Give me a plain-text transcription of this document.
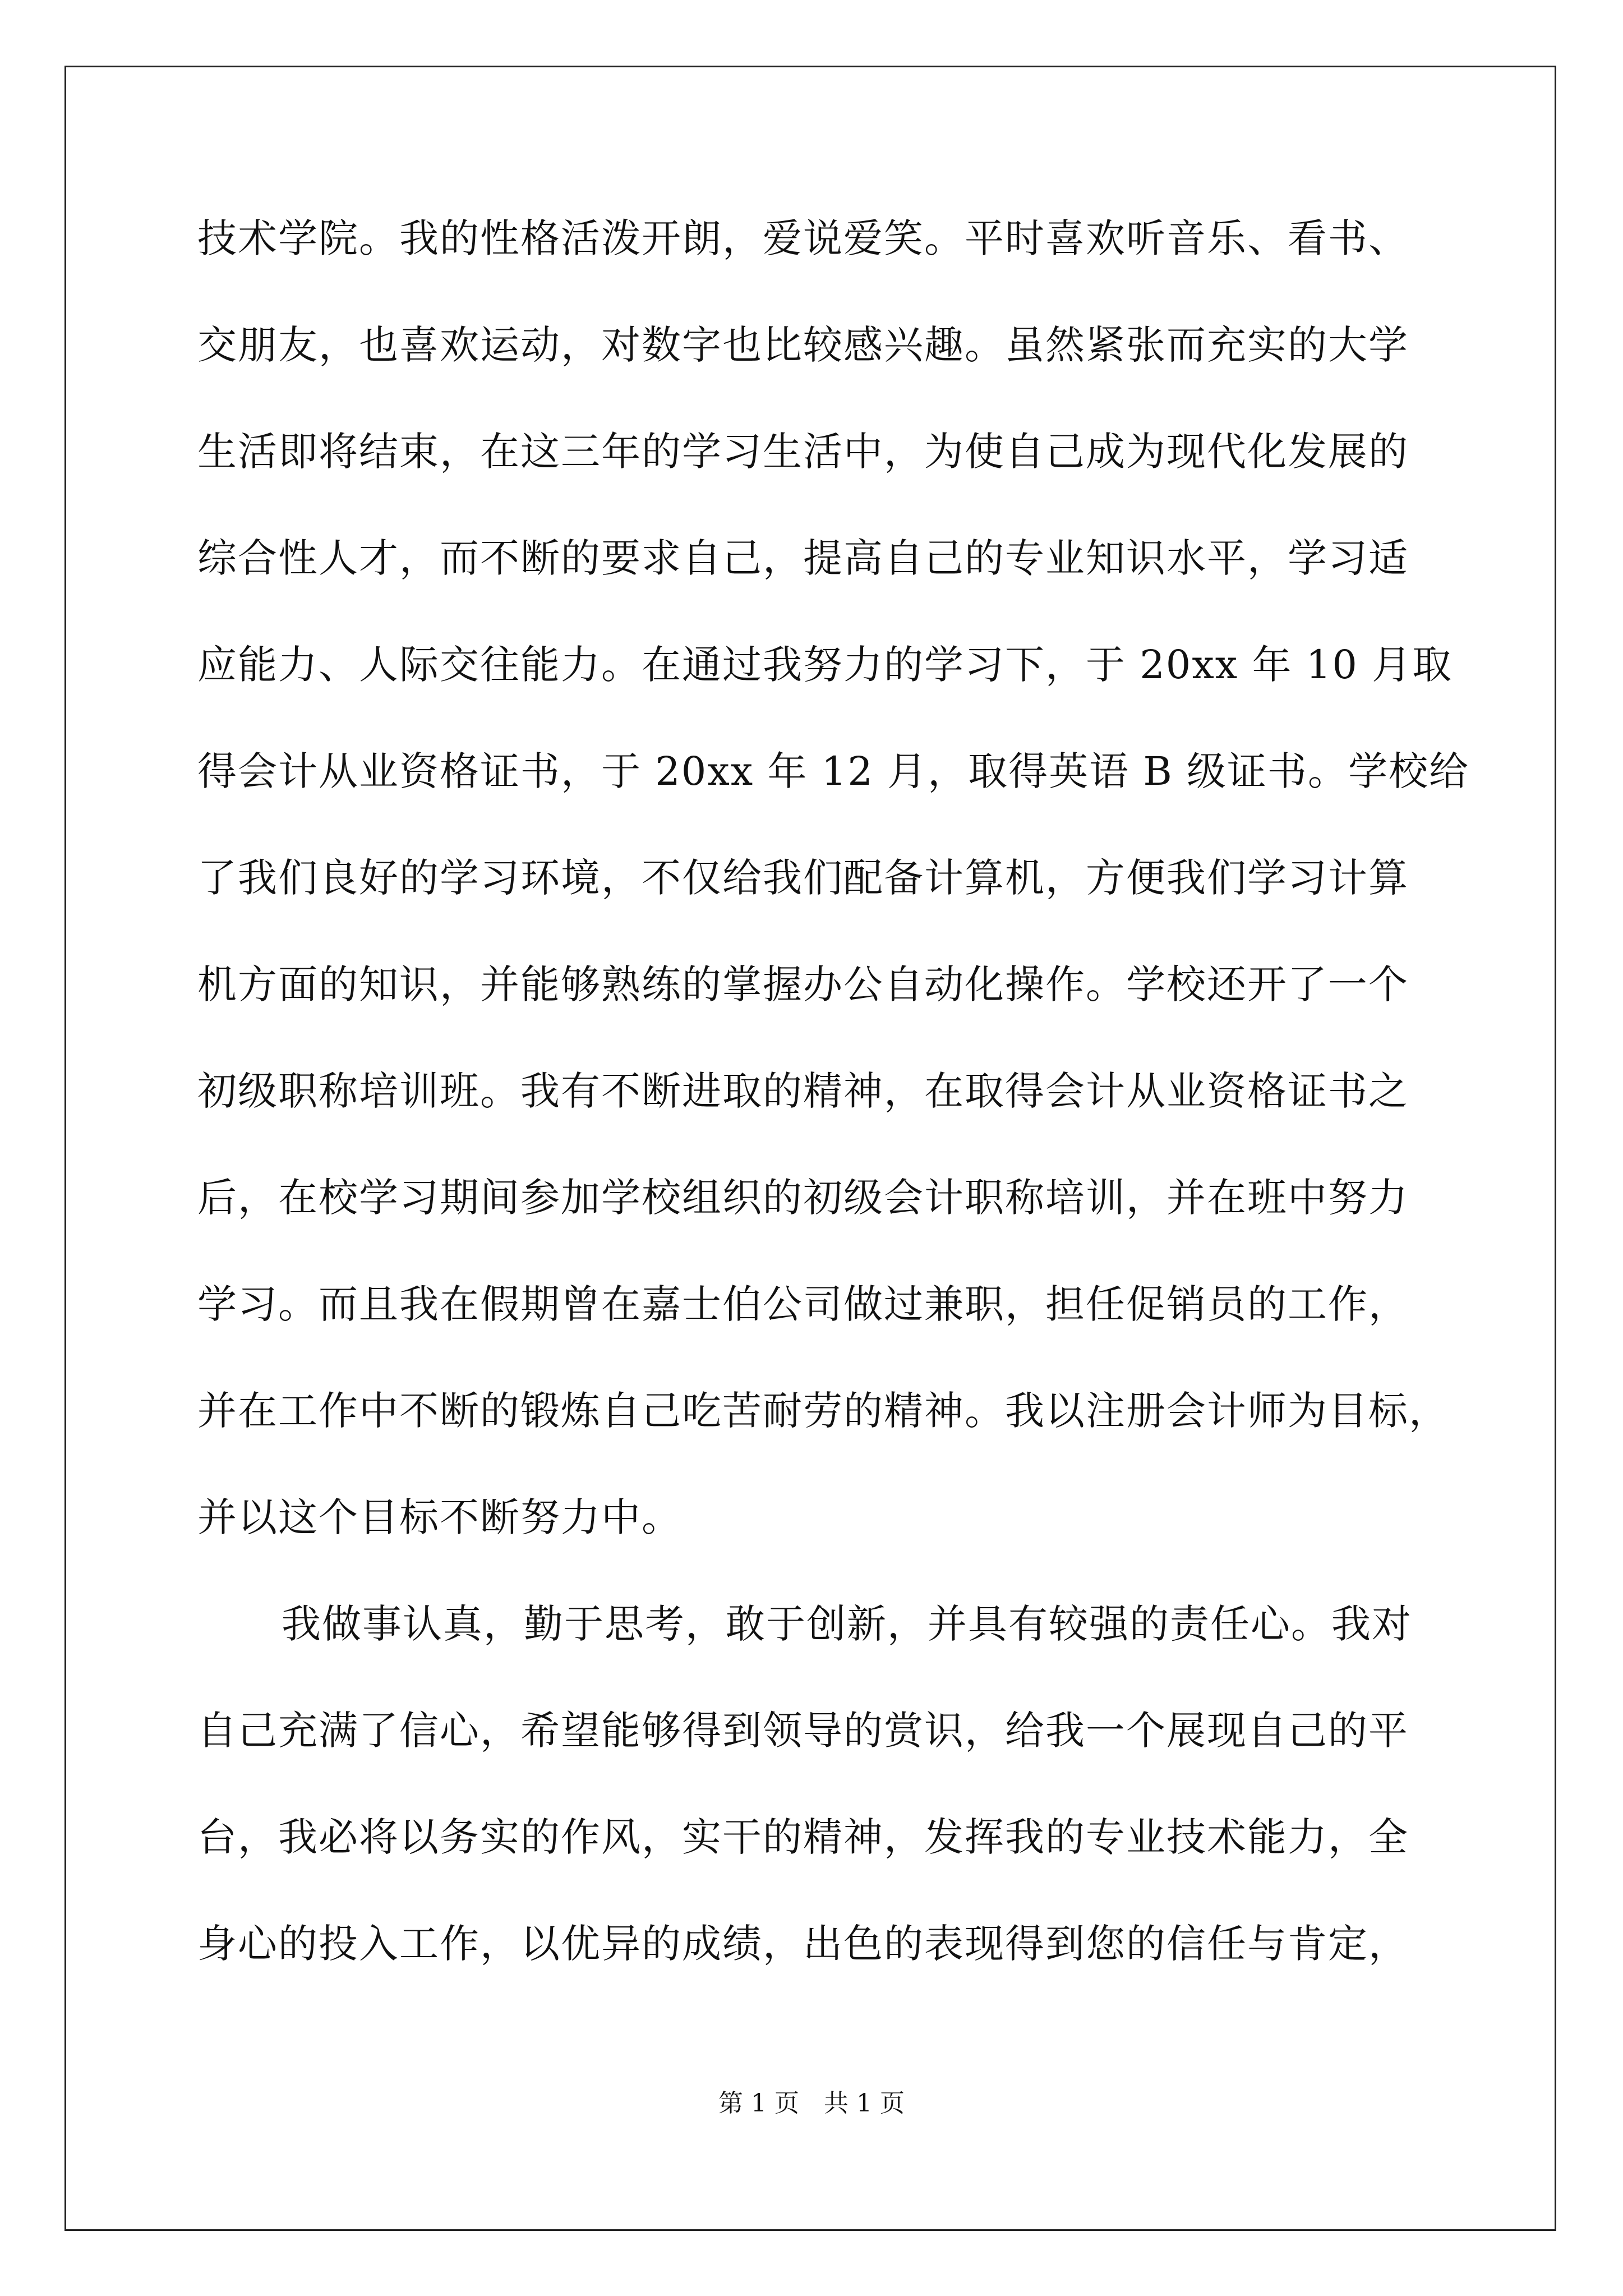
技术学院。我的性格活泼开朗，爱说爱笑。平时喜欢听音乐、看书、
交朋友，也喜欢运动，对数字也比较感兴趣。虽然紧张而充实的大学
生活即将结束，在这三年的学习生活中，为使自己成为现代化发展的
综合性人才，而不断的要求自己，提高自己的专业知识水平，学习适
应能力、人际交往能力。在通过我努力的学习下，于 20xx 年 10 月取
得会计从业资格证书，于 20xx 年 12 月，取得英语 B 级证书。学校给
了我们良好的学习环境，不仅给我们配备计算机，方便我们学习计算
机方面的知识，并能够熟练的掌握办公自动化操作。学校还开了一个
初级职称培训班。我有不断进取的精神，在取得会计从业资格证书之
后，在校学习期间参加学校组织的初级会计职称培训，并在班中努力
学习。而且我在假期曾在嘉士伯公司做过兼职，担任促销员的工作，
并在工作中不断的锻炼自己吃苦耐劳的精神。我以注册会计师为目标，
并以这个目标不断努力中。
我做事认真，勤于思考，敢于创新，并具有较强的责任心。我对
自己充满了信心，希望能够得到领导的赏识，给我一个展现自己的平
台，我必将以务实的作风，实干的精神，发挥我的专业技术能力，全
身心的投入工作，以优异的成绩，出色的表现得到您的信任与肯定，
第 1 页 共 1 页
